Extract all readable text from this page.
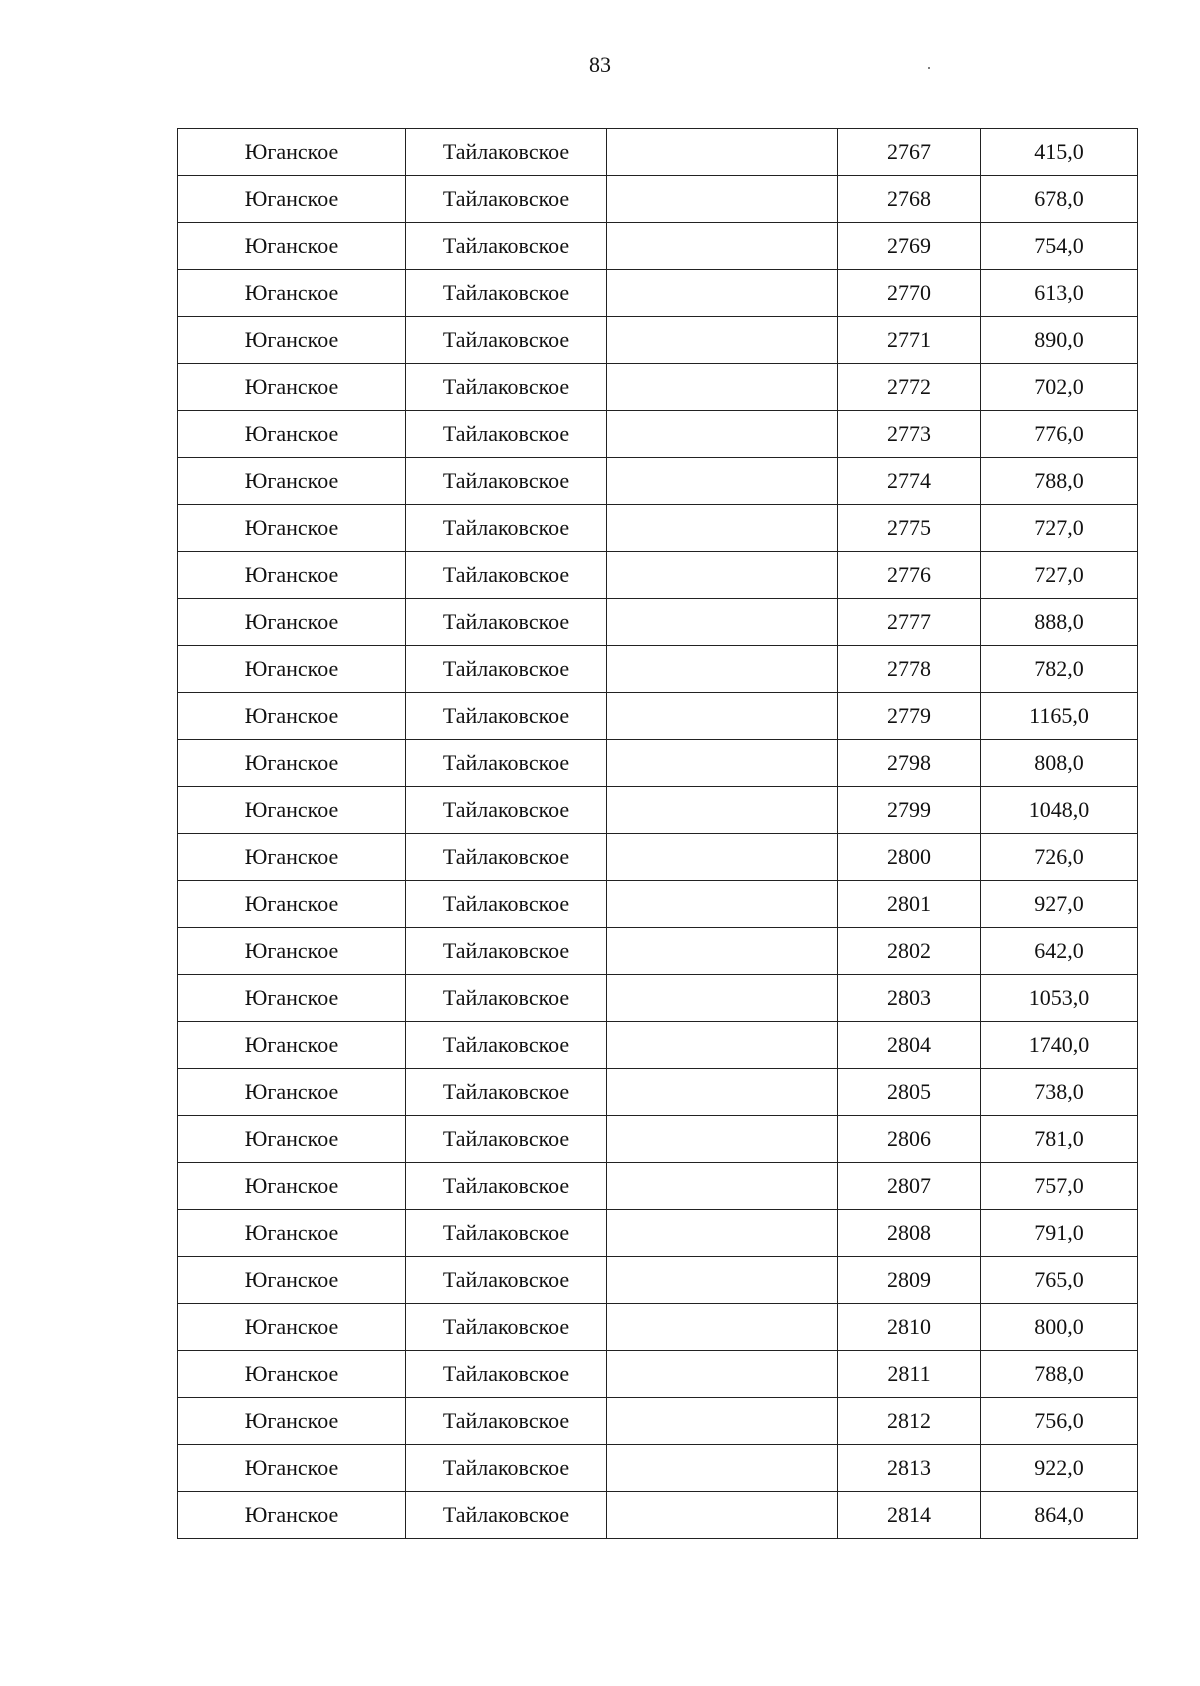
83
Юганское	Тайлаковское		2767	415,0
Юганское	Тайлаковское		2768	678,0
Юганское	Тайлаковское		2769	754,0
Юганское	Тайлаковское		2770	613,0
Юганское	Тайлаковское		2771	890,0
Юганское	Тайлаковское		2772	702,0
Юганское	Тайлаковское		2773	776,0
Юганское	Тайлаковское		2774	788,0
Юганское	Тайлаковское		2775	727,0
Юганское	Тайлаковское		2776	727,0
Юганское	Тайлаковское		2777	888,0
Юганское	Тайлаковское		2778	782,0
Юганское	Тайлаковское		2779	1165,0
Юганское	Тайлаковское		2798	808,0
Юганское	Тайлаковское		2799	1048,0
Юганское	Тайлаковское		2800	726,0
Юганское	Тайлаковское		2801	927,0
Юганское	Тайлаковское		2802	642,0
Юганское	Тайлаковское		2803	1053,0
Юганское	Тайлаковское		2804	1740,0
Юганское	Тайлаковское		2805	738,0
Юганское	Тайлаковское		2806	781,0
Юганское	Тайлаковское		2807	757,0
Юганское	Тайлаковское		2808	791,0
Юганское	Тайлаковское		2809	765,0
Юганское	Тайлаковское		2810	800,0
Юганское	Тайлаковское		2811	788,0
Юганское	Тайлаковское		2812	756,0
Юганское	Тайлаковское		2813	922,0
Юганское	Тайлаковское		2814	864,0
